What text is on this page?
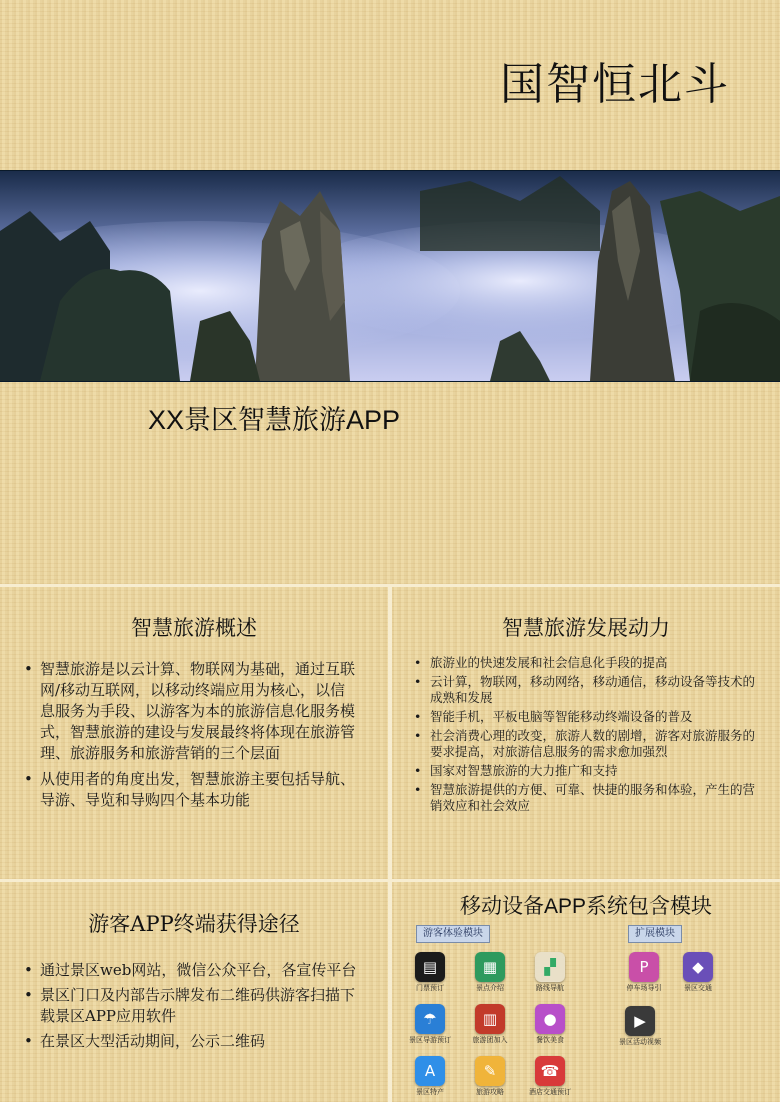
国智恒北斗
XX景区智慧旅游APP
智慧旅游概述
• 智慧旅游是以云计算、物联网为基础，通过互联网/移动互联网，以移动终端应用为核心，以信息服务为手段、以游客为本的旅游信息化服务模式，智慧旅游的建设与发展最终将体现在旅游管理、旅游服务和旅游营销的三个层面
• 从使用者的角度出发，智慧旅游主要包括导航、导游、导览和导购四个基本功能
智慧旅游发展动力
• 旅游业的快速发展和社会信息化手段的提高
• 云计算，物联网，移动网络，移动通信，移动设备等技术的成熟和发展
• 智能手机，平板电脑等智能移动终端设备的普及
• 社会消费心理的改变，旅游人数的剧增，游客对旅游服务的要求提高，对旅游信息服务的需求愈加强烈
• 国家对智慧旅游的大力推广和支持
• 智慧旅游提供的方便、可靠、快捷的服务和体验，产生的营销效应和社会效应
游客APP终端获得途径
• 通过景区web网站，微信公众平台，各宣传平台
• 景区门口及内部告示牌发布二维码供游客扫描下载景区APP应用软件
• 在景区大型活动期间，公示二维码
移动设备APP系统包含模块
游客体验模块	扩展模块
▤
门票预订
▦
景点介绍
▞
路线导航
☂
景区导游预订
▥
旅游团加入
●
餐饮美食
A
景区特产
✎
旅游攻略
☎
酒店交通预订
P
停车场导引
◆
景区交通
▶
景区活动视频
